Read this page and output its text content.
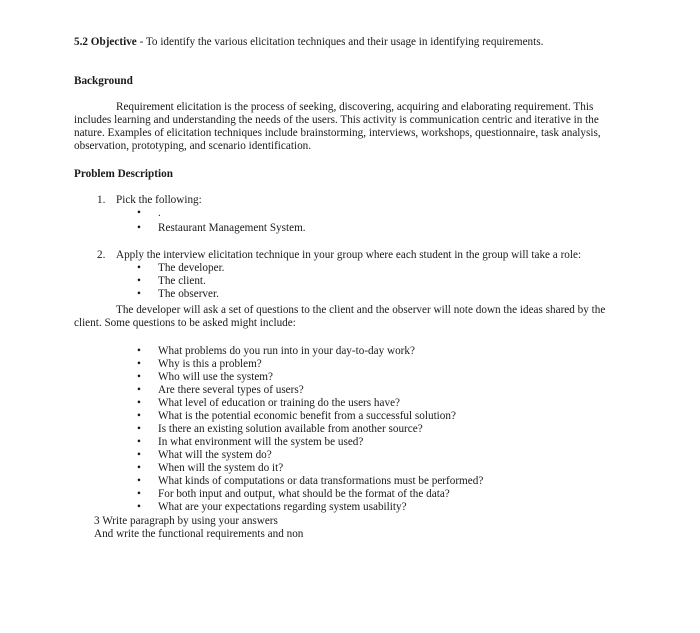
5.2 Objective - To identify the various elicitation techniques and their usage in identifying requirements.
Background
Requirement elicitation is the process of seeking, discovering, acquiring and elaborating requirement. This includes learning and understanding the needs of the users. This activity is communication centric and iterative in the nature. Examples of elicitation techniques include brainstorming, interviews, workshops, questionnaire, task analysis, observation, prototyping, and scenario identification.
Problem Description
1. Pick the following:
• .
• Restaurant Management System.
2. Apply the interview elicitation technique in your group where each student in the group will take a role:
• The developer.
• The client.
• The observer.
The developer will ask a set of questions to the client and the observer will note down the ideas shared by the client. Some questions to be asked might include:
• What problems do you run into in your day-to-day work?
• Why is this a problem?
• Who will use the system?
• Are there several types of users?
• What level of education or training do the users have?
• What is the potential economic benefit from a successful solution?
• Is there an existing solution available from another source?
• In what environment will the system be used?
• What will the system do?
• When will the system do it?
• What kinds of computations or data transformations must be performed?
• For both input and output, what should be the format of the data?
• What are your expectations regarding system usability?
3 Write paragraph by using your answers
And write the functional requirements and non
